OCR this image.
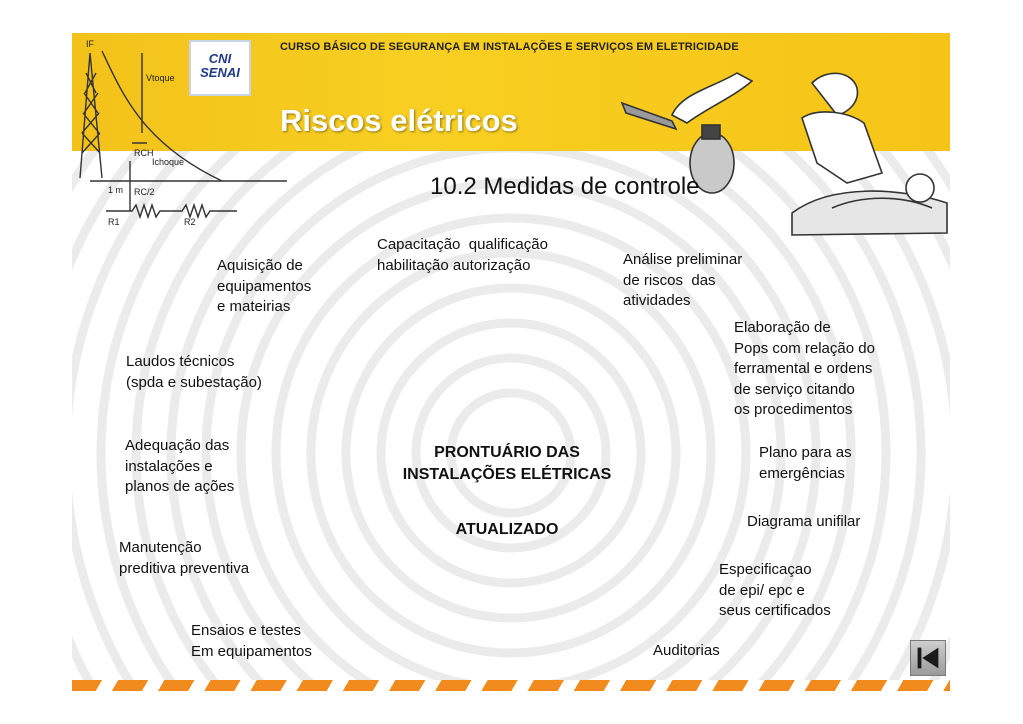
IF
Vtoque
RCH
Ichoque
1 m RC/2
R1	R2
CNI
SENAI
CURSO BÁSICO DE SEGURANÇA EM INSTALAÇÕES E SERVIÇOS EM ELETRICIDADE
Riscos elétricos
10.2 Medidas de controle
Capacitação  qualificação
habilitação autorização
Aquisição de
equipamentos
e mateirias
Análise preliminar
de riscos  das
atividades
Elaboração de
Pops com relação do
ferramental e ordens
de serviço citando
os procedimentos
Laudos técnicos
(spda e subestação)
Adequação das
instalações e
planos de ações
Plano para as
emergências
Diagrama unifilar
Manutenção
preditiva preventiva	Especificaçao
de epi/ epc e
seus certificados
Ensaios e testes
Em equipamentos	Auditorias
PRONTUÁRIO DAS
INSTALAÇÕES ELÉTRICAS
ATUALIZADO
